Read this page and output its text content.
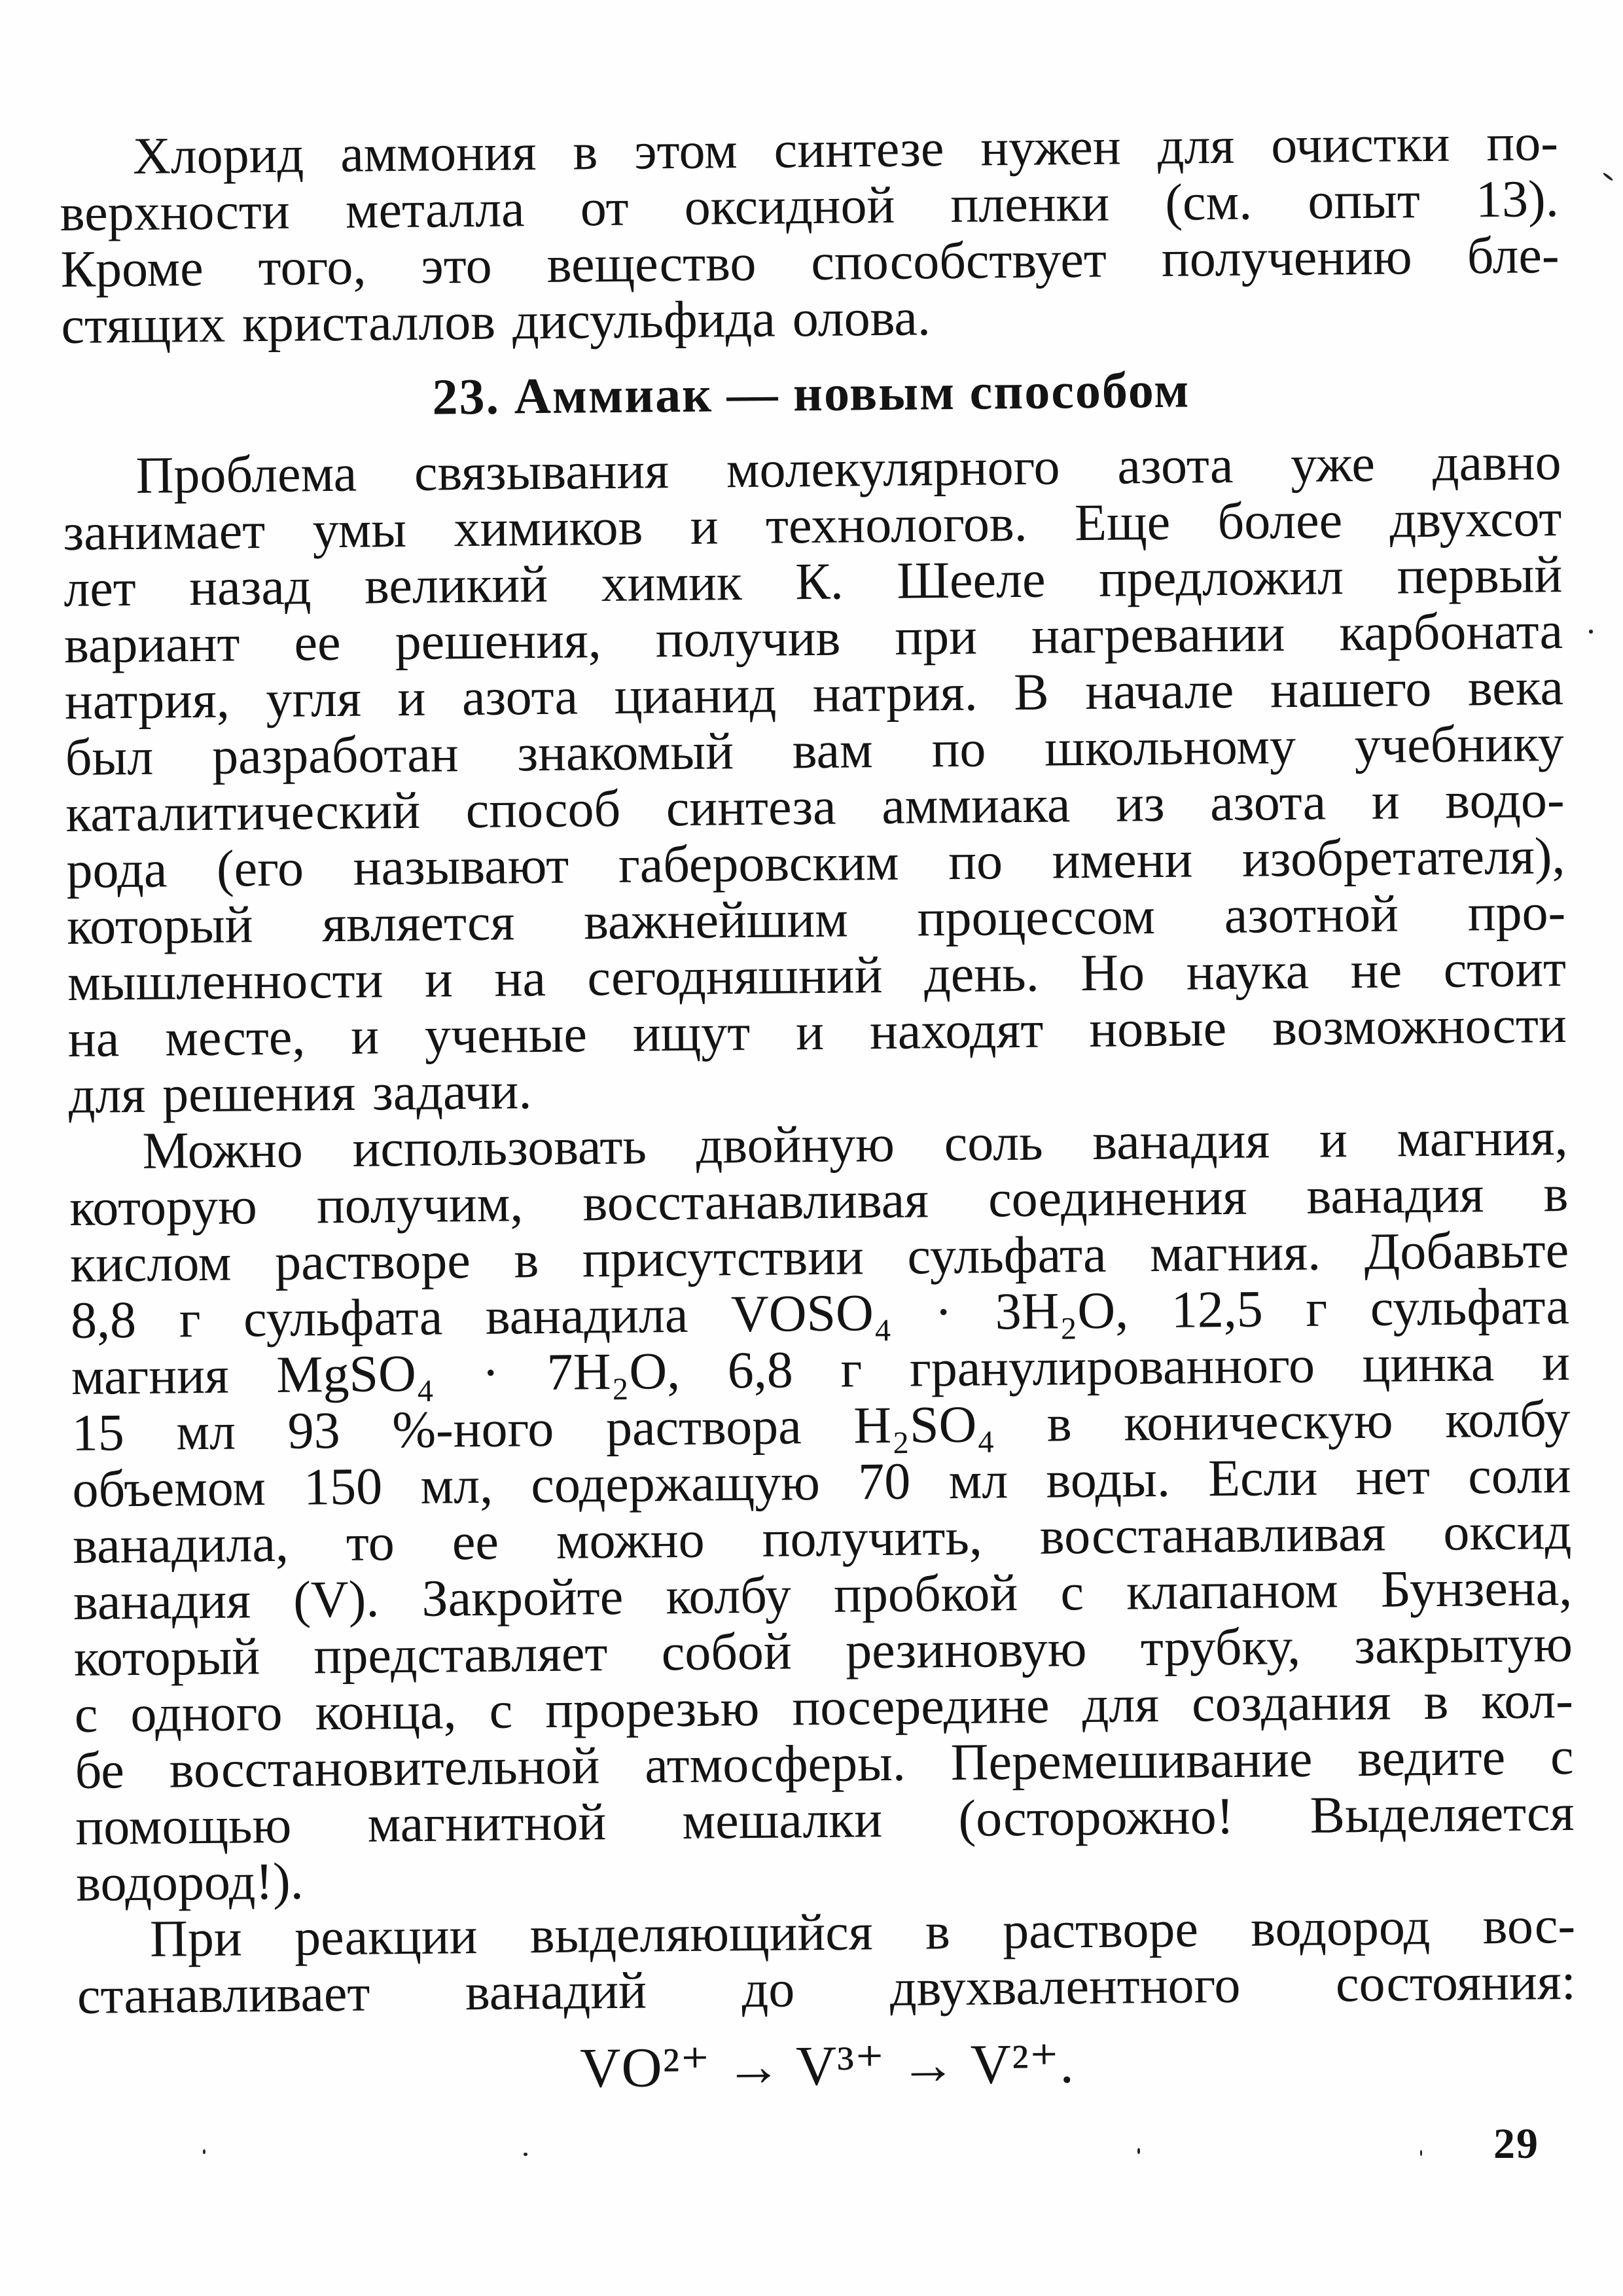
Хлорид аммония в этом синтезе нужен для очистки по-
верхности металла от оксидной пленки (см. опыт 13).
Кроме того, это вещество способствует получению бле-
стящих кристаллов дисульфида олова.
23. Аммиак — новым способом
Проблема связывания молекулярного азота уже давно
занимает умы химиков и технологов. Еще более двухсот
лет назад великий химик К. Шееле предложил первый
вариант ее решения, получив при нагревании карбоната
натрия, угля и азота цианид натрия. В начале нашего века
был разработан знакомый вам по школьному учебнику
каталитический способ синтеза аммиака из азота и водо-
рода (его называют габеровским по имени изобретателя),
который является важнейшим процессом азотной про-
мышленности и на сегодняшний день. Но наука не стоит
на месте, и ученые ищут и находят новые возможности
для решения задачи.
Можно использовать двойную соль ванадия и магния,
которую получим, восстанавливая соединения ванадия в
кислом растворе в присутствии сульфата магния. Добавьте
8,8 г сульфата ванадила VOSO₄ · 3H₂O, 12,5 г сульфата
магния MgSO₄ · 7H₂O, 6,8 г гранулированного цинка и
15 мл 93 %-ного раствора H₂SO₄ в коническую колбу
объемом 150 мл, содержащую 70 мл воды. Если нет соли
ванадила, то ее можно получить, восстанавливая оксид
ванадия (V). Закройте колбу пробкой с клапаном Бунзена,
который представляет собой резиновую трубку, закрытую
с одного конца, с прорезью посередине для создания в кол-
бе восстановительной атмосферы. Перемешивание ведите с
помощью магнитной мешалки (осторожно! Выделяется
водород!).
При реакции выделяющийся в растворе водород вос-
станавливает ванадий до двухвалентного состояния:
VO²⁺ → V³⁺ → V²⁺.
29
